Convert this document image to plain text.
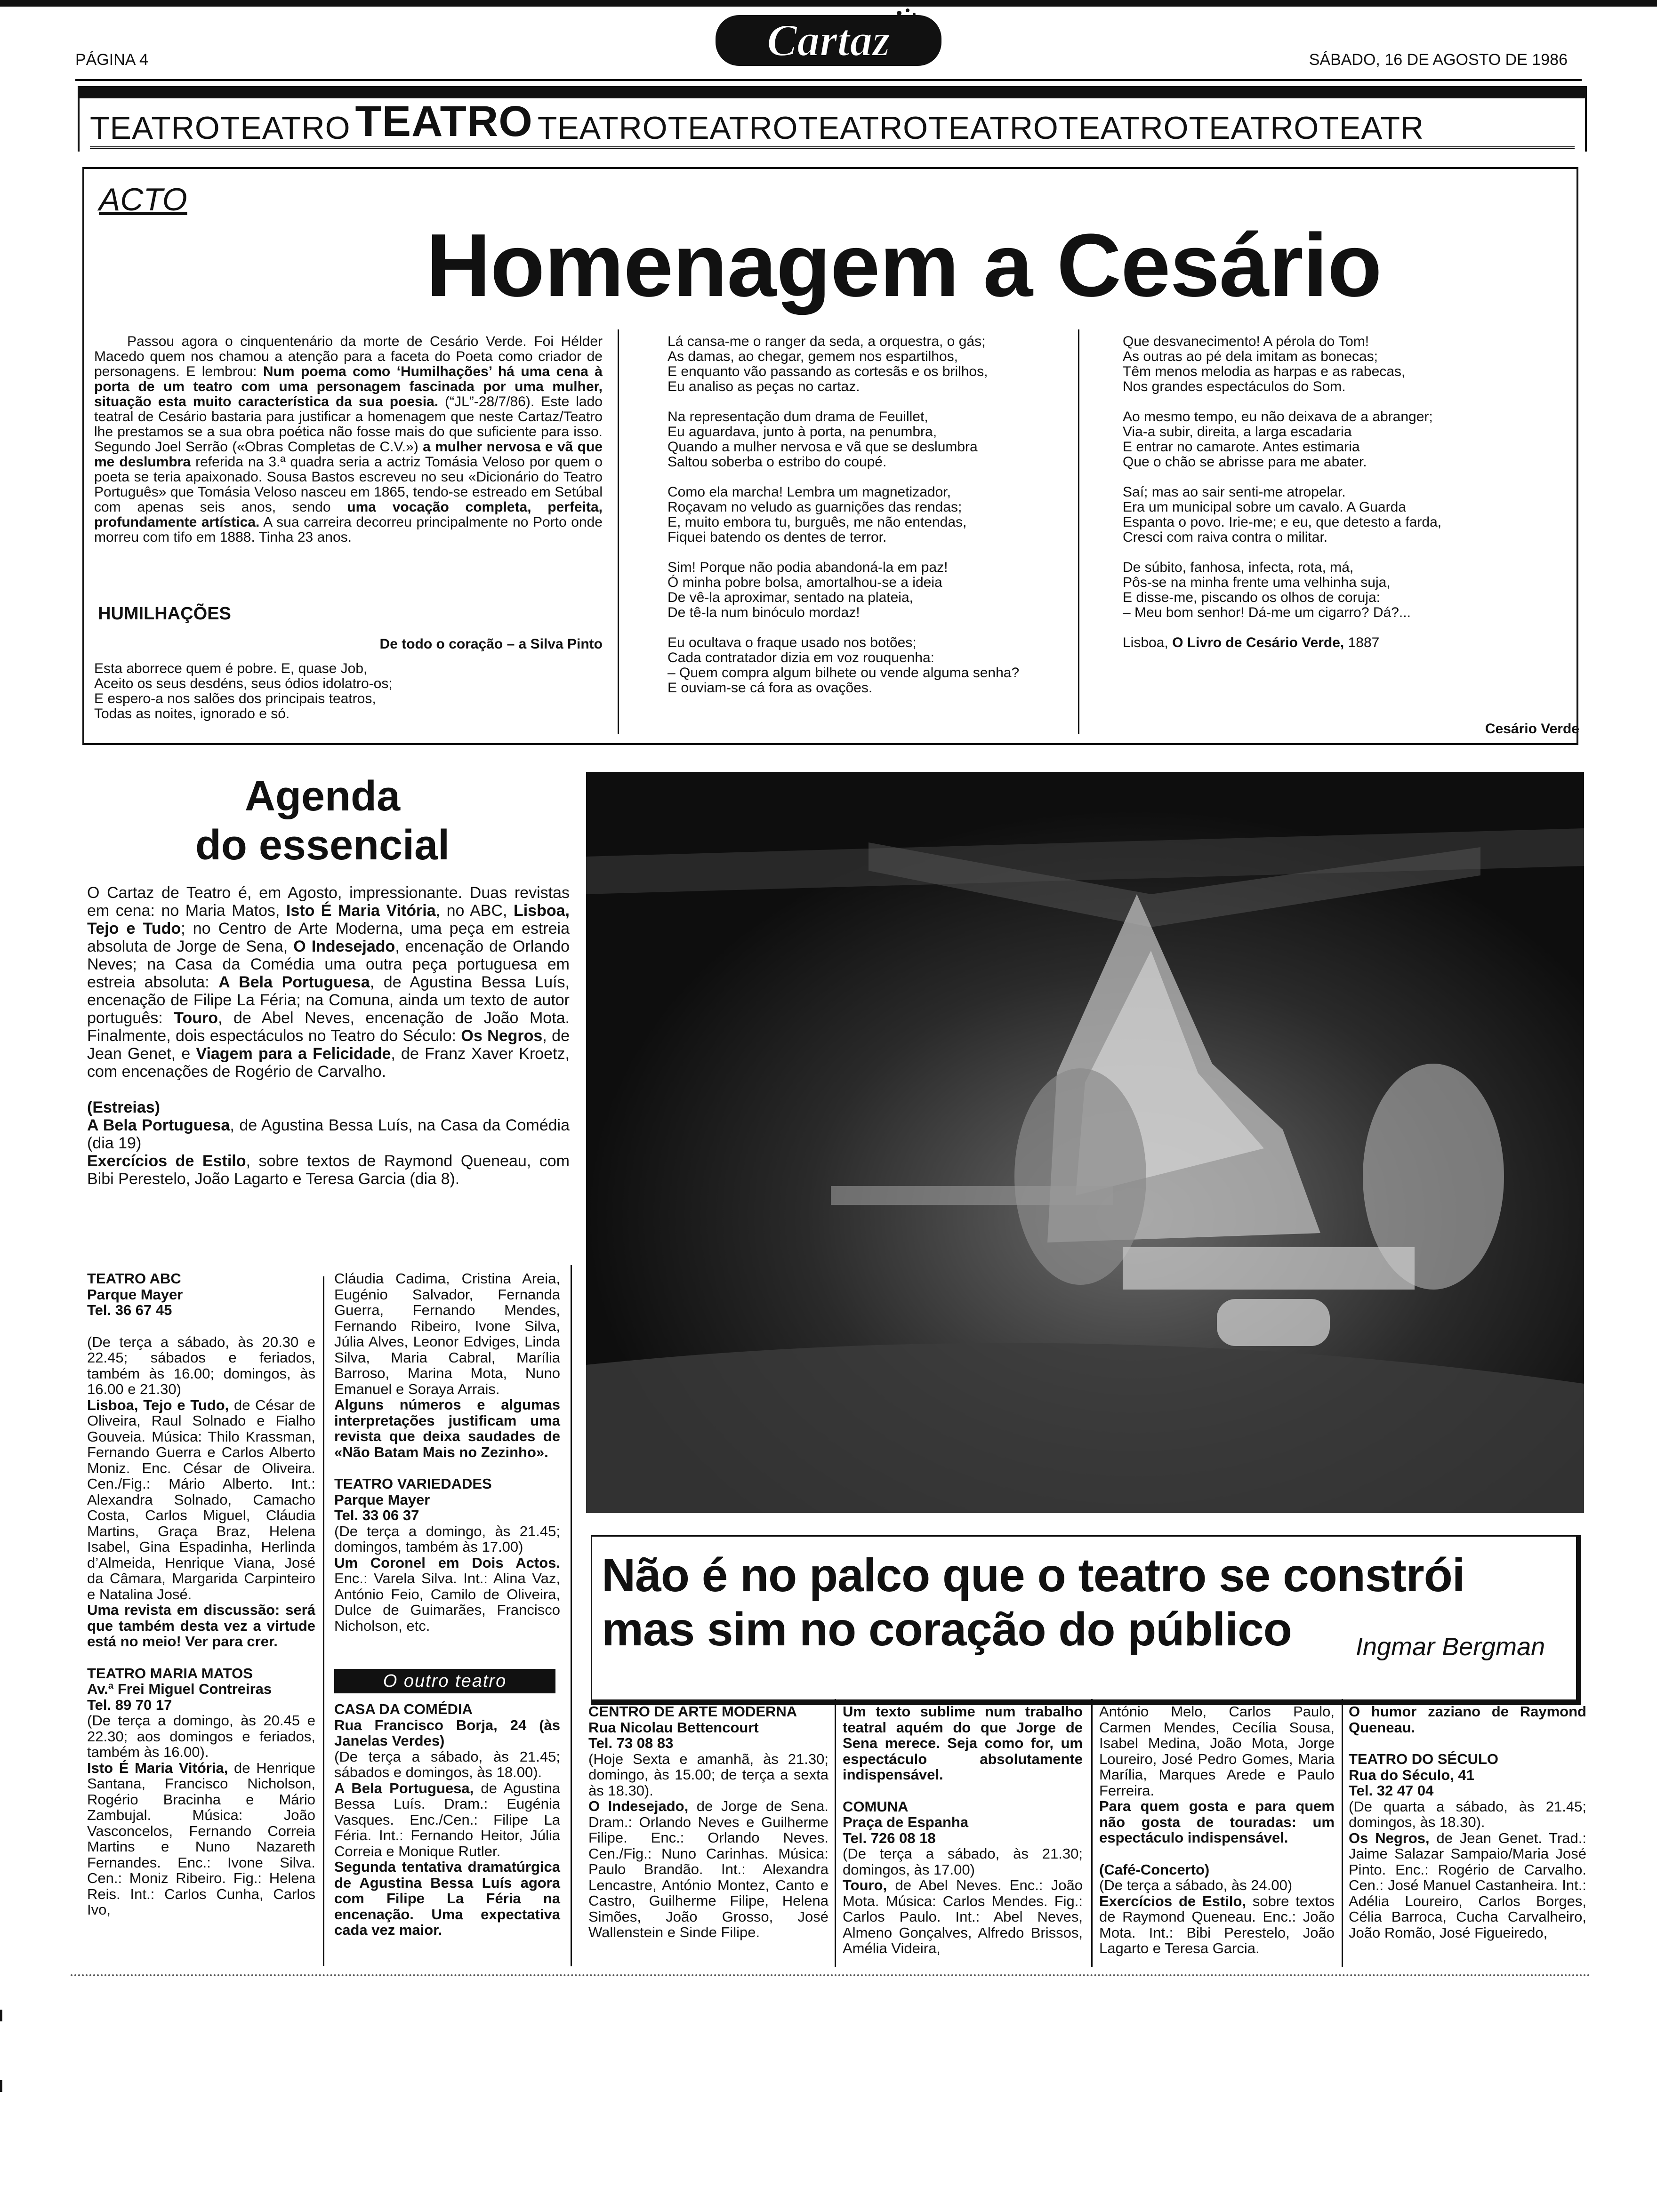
PÁGINA 4	Cartaz	SÁBADO, 16 DE AGOSTO DE 1986
TEATROTEATRO TEATRO TEATROTEATROTEATROTEATROTEATROTEATROTEATR
ACTO
Homenagem a Cesário

Passou agora o cinquentenário da morte de Cesário Verde. Foi Hélder Macedo quem nos chamou a atenção para a faceta do Poeta como criador de personagens. E lembrou: Num poema como ‘Humilhações’ há uma cena à porta de um teatro com uma personagem fascinada por uma mulher, situação esta muito característica da sua poesia. (“JL”-28/7/86). Este lado teatral de Cesário bastaria para justificar a homenagem que neste Cartaz/Teatro lhe prestamos se a sua obra poética não fosse mais do que suficiente para isso. Segundo Joel Serrão («Obras Completas de C.V.») a mulher nervosa e vã que me deslumbra referida na 3.ª quadra seria a actriz Tomásia Veloso por quem o poeta se teria apaixonado. Sousa Bastos escreveu no seu «Dicionário do Teatro Português» que Tomásia Veloso nasceu em 1865, tendo-se estreado em Setúbal com apenas seis anos, sendo uma vocação completa, perfeita, profundamente artística. A sua carreira decorreu principalmente no Porto onde morreu com tifo em 1888. Tinha 23 anos.

HUMILHAÇÕES
De todo o coração – a Silva Pinto

Esta aborrece quem é pobre. E, quase Job,
Aceito os seus desdéns, seus ódios idolatro-os;
E espero-a nos salões dos principais teatros,
Todas as noites, ignorado e só.

Lá cansa-me o ranger da seda, a orquestra, o gás;
As damas, ao chegar, gemem nos espartilhos,
E enquanto vão passando as cortesãs e os brilhos,
Eu analiso as peças no cartaz.

Na representação dum drama de Feuillet,
Eu aguardava, junto à porta, na penumbra,
Quando a mulher nervosa e vã que se deslumbra
Saltou soberba o estribo do coupé.

Como ela marcha! Lembra um magnetizador,
Roçavam no veludo as guarnições das rendas;
E, muito embora tu, burguês, me não entendas,
Fiquei batendo os dentes de terror.

Sim! Porque não podia abandoná-la em paz!
Ó minha pobre bolsa, amortalhou-se a ideia
De vê-la aproximar, sentado na plateia,
De tê-la num binóculo mordaz!

Eu ocultava o fraque usado nos botões;
Cada contratador dizia em voz rouquenha:
– Quem compra algum bilhete ou vende alguma senha?
E ouviam-se cá fora as ovações.

Que desvanecimento! A pérola do Tom!
As outras ao pé dela imitam as bonecas;
Têm menos melodia as harpas e as rabecas,
Nos grandes espectáculos do Som.

Ao mesmo tempo, eu não deixava de a abranger;
Via-a subir, direita, a larga escadaria
E entrar no camarote. Antes estimaria
Que o chão se abrisse para me abater.

Saí; mas ao sair senti-me atropelar.
Era um municipal sobre um cavalo. A Guarda
Espanta o povo. Irie-me; e eu, que detesto a farda,
Cresci com raiva contra o militar.

De súbito, fanhosa, infecta, rota, má,
Pôs-se na minha frente uma velhinha suja,
E disse-me, piscando os olhos de coruja:
– Meu bom senhor! Dá-me um cigarro? Dá?...

Lisboa, O Livro de Cesário Verde, 1887

Cesário Verde
Agenda
do essencial

O Cartaz de Teatro é, em Agosto, impressionante. Duas revistas em cena: no Maria Matos, Isto É Maria Vitória, no ABC, Lisboa, Tejo e Tudo; no Centro de Arte Moderna, uma peça em estreia absoluta de Jorge de Sena, O Indesejado, encenação de Orlando Neves; na Casa da Comédia uma outra peça portuguesa em estreia absoluta: A Bela Portuguesa, de Agustina Bessa Luís, encenação de Filipe La Féria; na Comuna, ainda um texto de autor português: Touro, de Abel Neves, encenação de João Mota. Finalmente, dois espectáculos no Teatro do Século: Os Negros, de Jean Genet, e Viagem para a Felicidade, de Franz Xaver Kroetz, com encenações de Rogério de Carvalho.

(Estreias)

A Bela Portuguesa, de Agustina Bessa Luís, na Casa da Comédia (dia 19)

Exercícios de Estilo, sobre textos de Raymond Queneau, com Bibi Perestelo, João Lagarto e Teresa Garcia (dia 8).

Não é no palco que o teatro se constrói
mas sim no coração do público	Ingmar Bergman

TEATRO ABC
Parque Mayer
Tel. 36 67 45

(De terça a sábado, às 20.30 e 22.45; sábados e feriados, também às 16.00; domingos, às 16.00 e 21.30)

Lisboa, Tejo e Tudo, de César de Oliveira, Raul Solnado e Fialho Gouveia. Música: Thilo Krassman, Fernando Guerra e Carlos Alberto Moniz. Enc. César de Oliveira. Cen./Fig.: Mário Alberto. Int.: Alexandra Solnado, Camacho Costa, Carlos Miguel, Cláudia Martins, Graça Braz, Helena Isabel, Gina Espadinha, Herlinda d’Almeida, Henrique Viana, José da Câmara, Margarida Carpinteiro e Natalina José.

Uma revista em discussão: será que também desta vez a virtude está no meio! Ver para crer.

TEATRO MARIA MATOS
Av.ª Frei Miguel Contreiras
Tel. 89 70 17

(De terça a domingo, às 20.45 e 22.30; aos domingos e feriados, também às 16.00).

Isto É Maria Vitória, de Henrique Santana, Francisco Nicholson, Rogério Bracinha e Mário Zambujal. Música: João Vasconcelos, Fernando Correia Martins e Nuno Nazareth Fernandes. Enc.: Ivone Silva. Cen.: Moniz Ribeiro. Fig.: Helena Reis. Int.: Carlos Cunha, Carlos Ivo,

Cláudia Cadima, Cristina Areia, Eugénio Salvador, Fernanda Guerra, Fernando Mendes, Fernando Ribeiro, Ivone Silva, Júlia Alves, Leonor Edviges, Linda Silva, Maria Cabral, Marília Barroso, Marina Mota, Nuno Emanuel e Soraya Arrais.

Alguns números e algumas interpretações justificam uma revista que deixa saudades de «Não Batam Mais no Zezinho».

TEATRO VARIEDADES
Parque Mayer
Tel. 33 06 37

(De terça a domingo, às 21.45; domingos, também às 17.00)

Um Coronel em Dois Actos. Enc.: Varela Silva. Int.: Alina Vaz, António Feio, Camilo de Oliveira, Dulce de Guimarães, Francisco Nicholson, etc.

O outro teatro

CASA DA COMÉDIA
Rua Francisco Borja, 24 (às Janelas Verdes)

(De terça a sábado, às 21.45; sábados e domingos, às 18.00).

A Bela Portuguesa, de Agustina Bessa Luís. Dram.: Eugénia Vasques. Enc./Cen.: Filipe La Féria. Int.: Fernando Heitor, Júlia Correia e Monique Rutler.

Segunda tentativa dramatúrgica de Agustina Bessa Luís agora com Filipe La Féria na encenação. Uma expectativa cada vez maior.

CENTRO DE ARTE MODERNA
Rua Nicolau Bettencourt
Tel. 73 08 83

(Hoje Sexta e amanhã, às 21.30; domingo, às 15.00; de terça a sexta às 18.30).

O Indesejado, de Jorge de Sena. Dram.: Orlando Neves e Guilherme Filipe. Enc.: Orlando Neves. Cen./Fig.: Nuno Carinhas. Música: Paulo Brandão. Int.: Alexandra Lencastre, António Montez, Canto e Castro, Guilherme Filipe, Helena Simões, João Grosso, José Wallenstein e Sinde Filipe.

Um texto sublime num trabalho teatral aquém do que Jorge de Sena merece. Seja como for, um espectáculo absolutamente indispensável.

COMUNA
Praça de Espanha
Tel. 726 08 18

(De terça a sábado, às 21.30; domingos, às 17.00)

Touro, de Abel Neves. Enc.: João Mota. Música: Carlos Mendes. Fig.: Carlos Paulo. Int.: Abel Neves, Almeno Gonçalves, Alfredo Brissos, Amélia Videira,

António Melo, Carlos Paulo, Carmen Mendes, Cecília Sousa, Isabel Medina, João Mota, Jorge Loureiro, José Pedro Gomes, Maria Marília, Marques Arede e Paulo Ferreira.

Para quem gosta e para quem não gosta de touradas: um espectáculo indispensável.

(Café-Concerto)

(De terça a sábado, às 24.00)

Exercícios de Estilo, sobre textos de Raymond Queneau. Enc.: João Mota. Int.: Bibi Perestelo, João Lagarto e Teresa Garcia.

O humor zaziano de Raymond Queneau.

TEATRO DO SÉCULO
Rua do Século, 41
Tel. 32 47 04

(De quarta a sábado, às 21.45; domingos, às 18.30).

Os Negros, de Jean Genet. Trad.: Jaime Salazar Sampaio/Maria José Pinto. Enc.: Rogério de Carvalho. Cen.: José Manuel Castanheira. Int.: Adélia Loureiro, Carlos Borges, Célia Barroca, Cucha Carvalheiro, João Romão, José Figueiredo,
